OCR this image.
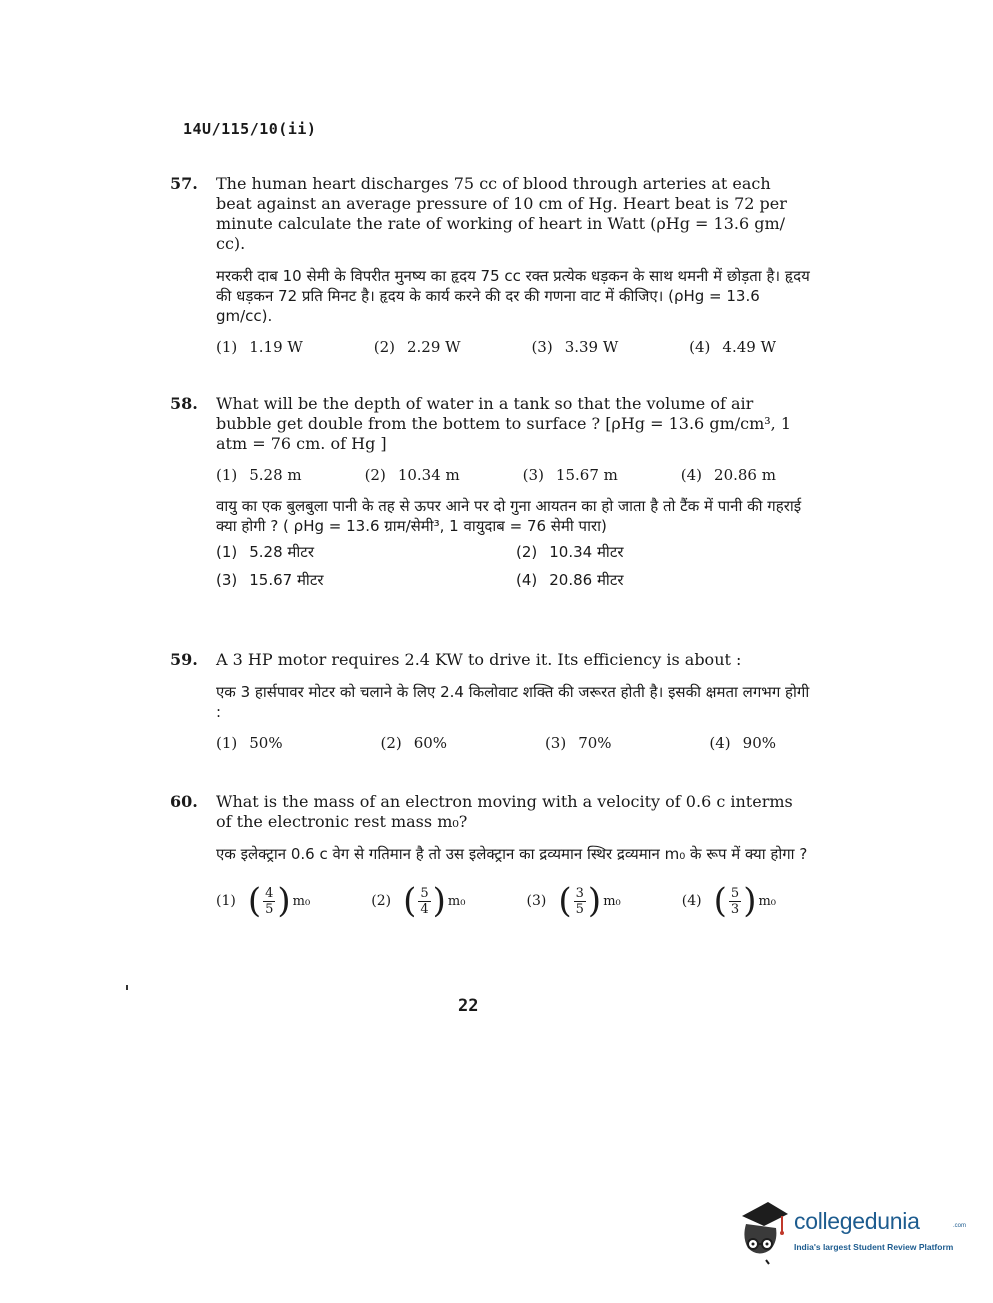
14U/115/10(ii)
57.	The human heart discharges 75 cc of blood through arteries at each beat against an average pressure of 10 cm of Hg. Heart beat is 72 per minute calculate the rate of working of heart in Watt (ρHg = 13.6 gm/ cc).

मरकरी दाब 10 सेमी के विपरीत मुनष्य का हृदय 75 cc रक्त प्रत्येक धड़कन के साथ थमनी में छोड़ता है। हृदय की धड़कन 72 प्रति मिनट है। हृदय के कार्य करने की दर की गणना वाट में कीजिए। (ρHg = 13.6 gm/cc).

(1) 1.19 W	(2) 2.29 W	(3) 3.39 W	(4) 4.49 W
58.	What will be the depth of water in a tank so that the volume of air bubble get double from the bottem to surface ? [ρHg = 13.6 gm/cm³, 1 atm = 76 cm. of Hg ]

(1) 5.28 m	(2) 10.34 m	(3) 15.67 m	(4) 20.86 m

वायु का एक बुलबुला पानी के तह से ऊपर आने पर दो गुना आयतन का हो जाता है तो टैंक में पानी की गहराई क्या होगी ? ( ρHg = 13.6 ग्राम/सेमी³, 1 वायुदाब = 76 सेमी पारा)

(1) 5.28 मीटर	(2) 10.34 मीटर
(3) 15.67 मीटर	(4) 20.86 मीटर
59.	A 3 HP motor requires 2.4 KW to drive it. Its efficiency is about :

एक 3 हार्सपावर मोटर को चलाने के लिए 2.4 किलोवाट शक्ति की जरूरत होती है। इसकी क्षमता लगभग होगी :

(1) 50%	(2) 60%	(3) 70%	(4) 90%
60.	What is the mass of an electron moving with a velocity of 0.6 c interms of the electronic rest mass m₀?

एक इलेक्ट्रान 0.6 c वेग से गतिमान है तो उस इलेक्ट्रान का द्रव्यमान स्थिर द्रव्यमान m₀ के रूप में क्या होगा ?

(1) ( $\frac{4}{5}$ ) m₀	(2) ( $\frac{5}{4}$ ) m₀	(3) ( $\frac{3}{5}$ ) m₀	(4) ( $\frac{5}{3}$ ) m₀
22
collegedunia	.com
India's largest Student Review Platform
